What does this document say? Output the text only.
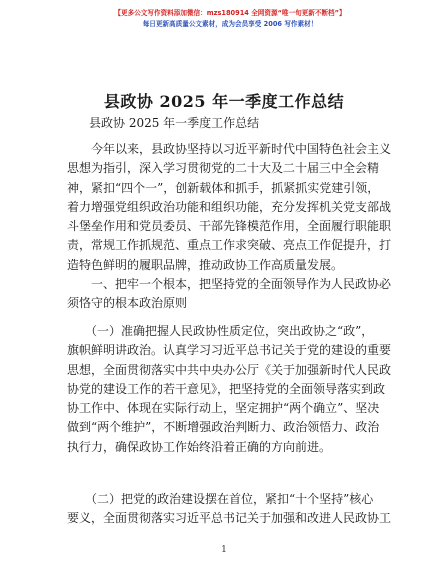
【更多公文写作资料添加微信：mzs180914 全网资源“唯一旬更新不断档”】
每日更新高质量公文素材，成为会员享受 2006 写作素材！
县政协 2025 年一季度工作总结
县政协 2025 年一季度工作总结
　　今年以来，县政协坚持以习近平新时代中国特色社会主义
思想为指引，深入学习贯彻党的二十大及二十届三中全会精
神，紧扣“四个一”，创新载体和抓手，抓紧抓实党建引领，
着力增强党组织政治功能和组织功能，充分发挥机关党支部战
斗堡垒作用和党员委员、干部先锋模范作用，全面履行职能职
责，常规工作抓规范、重点工作求突破、亮点工作促提升，打
造特色鲜明的履职品牌，推动政协工作高质量发展。
　　一、把牢一个根本，把坚持党的全面领导作为人民政协必
须恪守的根本政治原则
　　（一）准确把握人民政协性质定位，突出政协之“政”，
旗帜鲜明讲政治。认真学习习近平总书记关于党的建设的重要
思想，全面贯彻落实中共中央办公厅《关于加强新时代人民政
协党的建设工作的若干意见》，把坚持党的全面领导落实到政
协工作中、体现在实际行动上，坚定拥护“两个确立”、坚决
做到“两个维护”，不断增强政治判断力、政治领悟力、政治
执行力，确保政协工作始终沿着正确的方向前进。
　　（二）把党的政治建设摆在首位，紧扣“十个坚持”核心
要义，全面贯彻落实习近平总书记关于加强和改进人民政协工
1
